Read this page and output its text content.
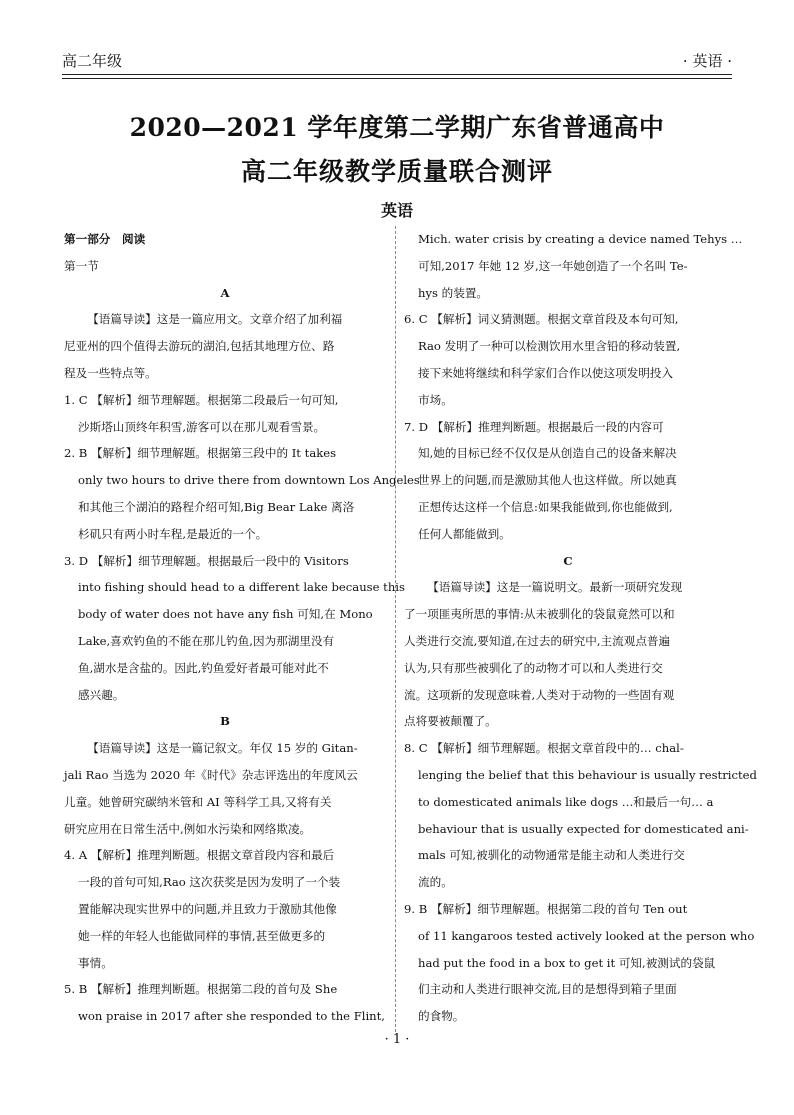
高二年级	· 英语 ·
2020—2021 学年度第二学期广东省普通高中
高二年级教学质量联合测评
英语

第一部分　阅读

第一节

A

【语篇导读】这是一篇应用文。文章介绍了加利福

尼亚州的四个值得去游玩的湖泊,包括其地理方位、路

程及一些特点等。

1. C 【解析】细节理解题。根据第二段最后一句可知,

沙斯塔山顶终年积雪,游客可以在那儿观看雪景。

2. B 【解析】细节理解题。根据第三段中的 It takes

only two hours to drive there from downtown Los Angeles

和其他三个湖泊的路程介绍可知,Big Bear Lake 离洛

杉矶只有两小时车程,是最近的一个。

3. D 【解析】细节理解题。根据最后一段中的 Visitors

into fishing should head to a different lake because this

body of water does not have any fish 可知,在 Mono

Lake,喜欢钓鱼的不能在那儿钓鱼,因为那湖里没有

鱼,湖水是含盐的。因此,钓鱼爱好者最可能对此不

感兴趣。

B

【语篇导读】这是一篇记叙文。年仅 15 岁的 Gitan-

jali Rao 当选为 2020 年《时代》杂志评选出的年度风云

儿童。她曾研究碳纳米管和 AI 等科学工具,又将有关

研究应用在日常生活中,例如水污染和网络欺凌。

4. A 【解析】推理判断题。根据文章首段内容和最后

一段的首句可知,Rao 这次获奖是因为发明了一个装

置能解决现实世界中的问题,并且致力于激励其他像

她一样的年轻人也能做同样的事情,甚至做更多的

事情。

5. B 【解析】推理判断题。根据第二段的首句及 She

won praise in 2017 after she responded to the Flint,

Mich. water crisis by creating a device named Tehys …

可知,2017 年她 12 岁,这一年她创造了一个名叫 Te-

hys 的装置。

6. C 【解析】词义猜测题。根据文章首段及本句可知,

Rao 发明了一种可以检测饮用水里含铅的移动装置,

接下来她将继续和科学家们合作以使这项发明投入

市场。

7. D 【解析】推理判断题。根据最后一段的内容可

知,她的目标已经不仅仅是从创造自己的设备来解决

世界上的问题,而是激励其他人也这样做。所以她真

正想传达这样一个信息:如果我能做到,你也能做到,

任何人都能做到。

C

【语篇导读】这是一篇说明文。最新一项研究发现

了一项匪夷所思的事情:从未被驯化的袋鼠竟然可以和

人类进行交流,要知道,在过去的研究中,主流观点普遍

认为,只有那些被驯化了的动物才可以和人类进行交

流。这项新的发现意味着,人类对于动物的一些固有观

点将要被颠覆了。

8. C 【解析】细节理解题。根据文章首段中的… chal-

lenging the belief that this behaviour is usually restricted

to domesticated animals like dogs …和最后一句… a

behaviour that is usually expected for domesticated ani-

mals 可知,被驯化的动物通常是能主动和人类进行交

流的。

9. B 【解析】细节理解题。根据第二段的首句 Ten out

of 11 kangaroos tested actively looked at the person who

had put the food in a box to get it 可知,被测试的袋鼠

们主动和人类进行眼神交流,目的是想得到箱子里面

的食物。

· 1 ·
